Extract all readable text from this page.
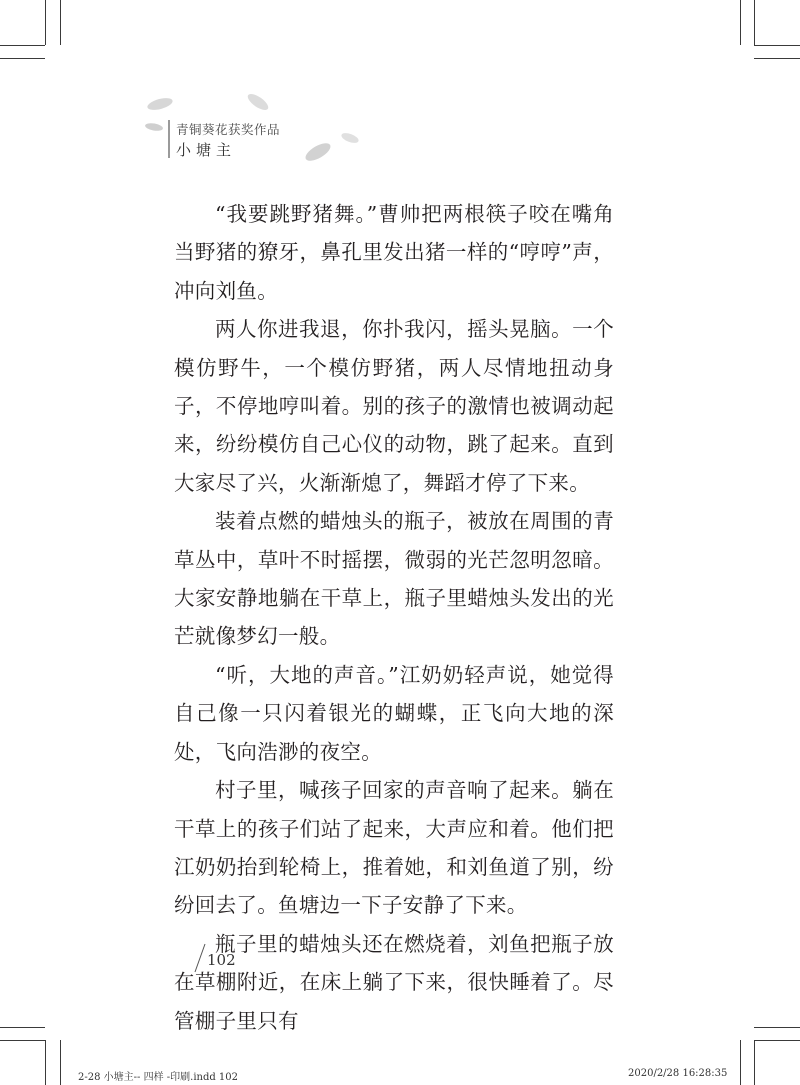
青铜葵花获奖作品
小塘主

“我要跳野猪舞。”曹帅把两根筷子咬在嘴角当野猪的獠牙，鼻孔里发出猪一样的“哼哼”声，冲向刘鱼。

两人你进我退，你扑我闪，摇头晃脑。一个模仿野牛，一个模仿野猪，两人尽情地扭动身子，不停地哼叫着。别的孩子的激情也被调动起来，纷纷模仿自己心仪的动物，跳了起来。直到大家尽了兴，火渐渐熄了，舞蹈才停了下来。

装着点燃的蜡烛头的瓶子，被放在周围的青草丛中，草叶不时摇摆，微弱的光芒忽明忽暗。大家安静地躺在干草上，瓶子里蜡烛头发出的光芒就像梦幻一般。

“听，大地的声音。”江奶奶轻声说，她觉得自己像一只闪着银光的蝴蝶，正飞向大地的深处，飞向浩渺的夜空。

村子里，喊孩子回家的声音响了起来。躺在干草上的孩子们站了起来，大声应和着。他们把江奶奶抬到轮椅上，推着她，和刘鱼道了别，纷纷回去了。鱼塘边一下子安静了下来。

瓶子里的蜡烛头还在燃烧着，刘鱼把瓶子放在草棚附近，在床上躺了下来，很快睡着了。尽管棚子里只有

102
2-28 小塘主-- 四样 -印刷.indd 102	2020/2/28 16:28:35
